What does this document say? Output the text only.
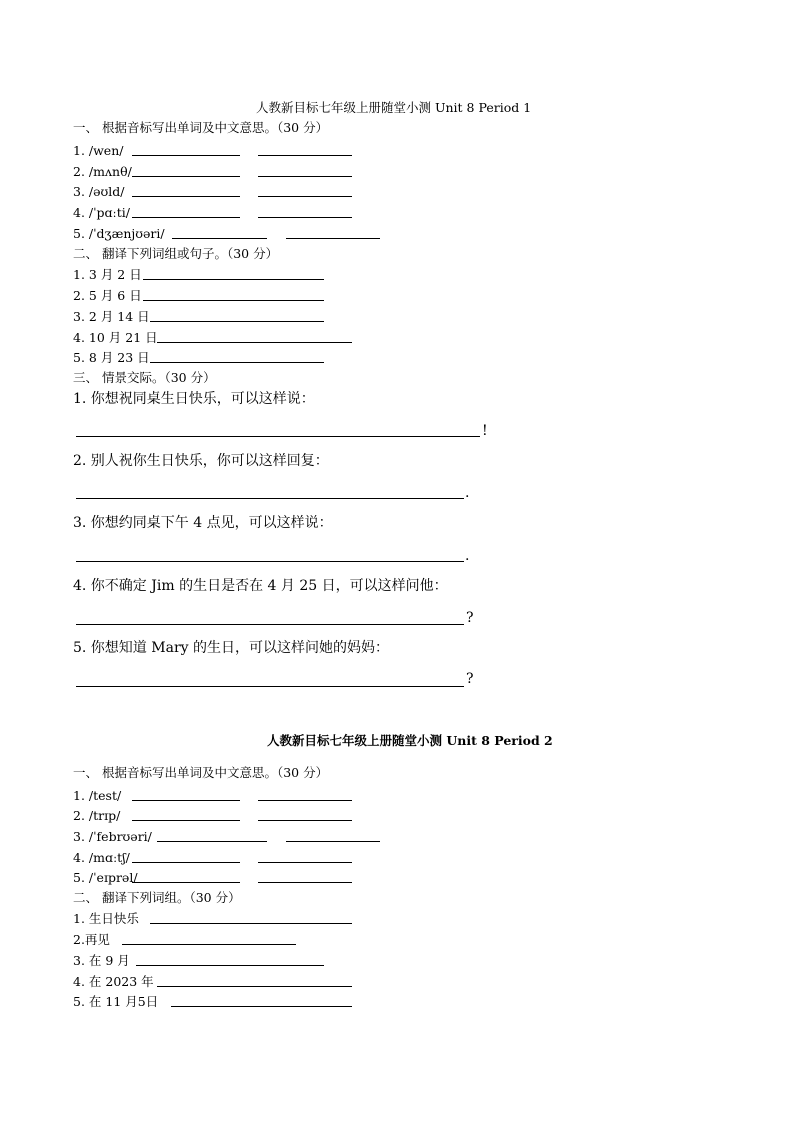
人教新目标七年级上册随堂小测 Unit 8 Period 1
一、 根据音标写出单词及中文意思。（30 分）
1. /wen/
2. /mʌnθ/
3. /əʊld/
4. /ˈpɑːti/
5. /ˈdʒænjʊəri/
二、 翻译下列词组或句子。（30 分）
1. 3 月 2 日
2. 5 月 6 日
3. 2 月 14 日
4. 10 月 21 日
5. 8 月 23 日
三、 情景交际。（30 分）
1. 你想祝同桌生日快乐，可以这样说：
!
2. 别人祝你生日快乐，你可以这样回复：
.
3. 你想约同桌下午 4 点见，可以这样说：
.
4. 你不确定 Jim 的生日是否在 4 月 25 日，可以这样问他：
?
5. 你想知道 Mary 的生日，可以这样问她的妈妈：
?
人教新目标七年级上册随堂小测 Unit 8 Period 2
一、 根据音标写出单词及中文意思。（30 分）
1. /test/
2. /trɪp/
3. /ˈfebrʊəri/
4. /mɑːtʃ/
5. /ˈeɪprəl/
二、 翻译下列词组。（30 分）
1. 生日快乐
2.再见
3. 在 9 月
4. 在 2023 年
5. 在 11 月5日
